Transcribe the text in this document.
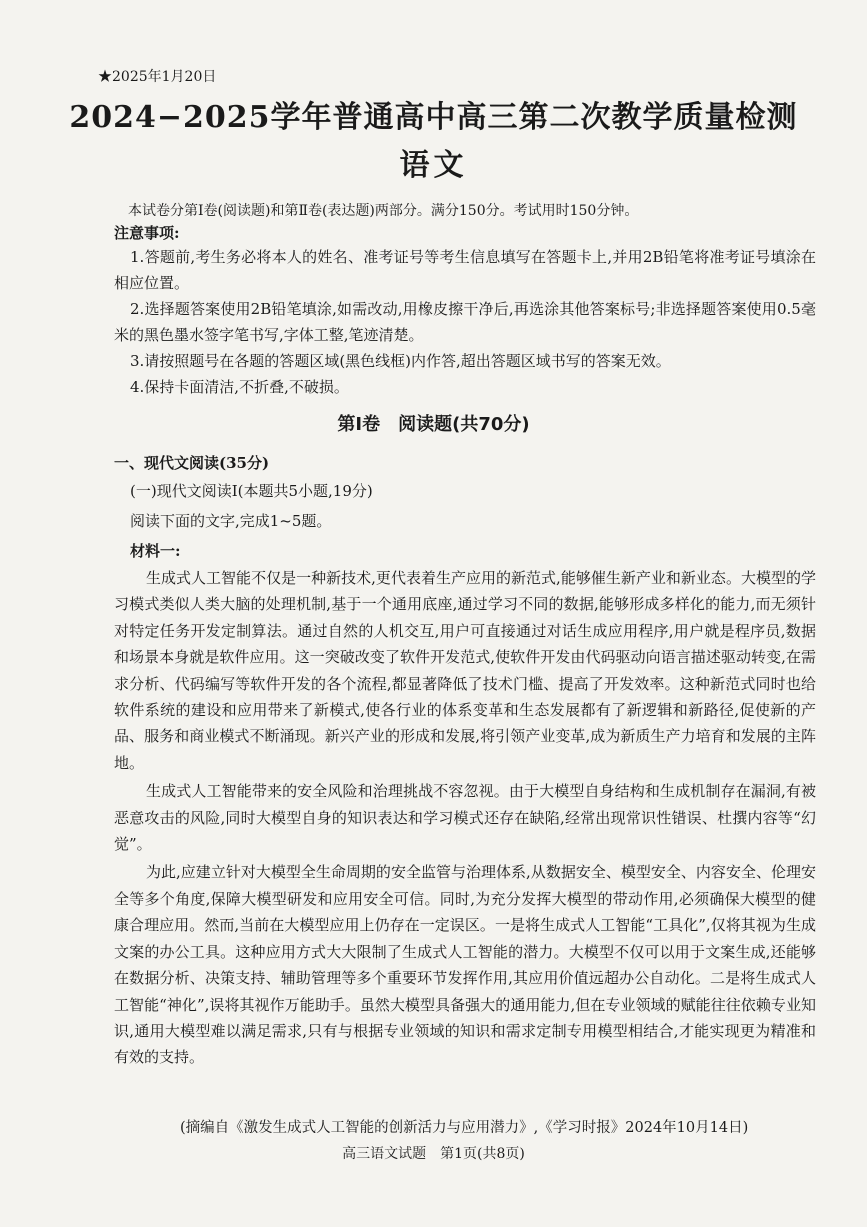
★2025年1月20日
2024−2025学年普通高中高三第二次教学质量检测
语文
本试卷分第Ⅰ卷(阅读题)和第Ⅱ卷(表达题)两部分。满分150分。考试用时150分钟。
注意事项:

1.答题前,考生务必将本人的姓名、准考证号等考生信息填写在答题卡上,并用2B铅笔将准考证号填涂在相应位置。

2.选择题答案使用2B铅笔填涂,如需改动,用橡皮擦干净后,再选涂其他答案标号;非选择题答案使用0.5毫米的黑色墨水签字笔书写,字体工整,笔迹清楚。

3.请按照题号在各题的答题区域(黑色线框)内作答,超出答题区域书写的答案无效。

4.保持卡面清洁,不折叠,不破损。

第Ⅰ卷　阅读题(共70分)
一、现代文阅读(35分)
(一)现代文阅读Ⅰ(本题共5小题,19分)
阅读下面的文字,完成1~5题。
材料一:

生成式人工智能不仅是一种新技术,更代表着生产应用的新范式,能够催生新产业和新业态。大模型的学习模式类似人类大脑的处理机制,基于一个通用底座,通过学习不同的数据,能够形成多样化的能力,而无须针对特定任务开发定制算法。通过自然的人机交互,用户可直接通过对话生成应用程序,用户就是程序员,数据和场景本身就是软件应用。这一突破改变了软件开发范式,使软件开发由代码驱动向语言描述驱动转变,在需求分析、代码编写等软件开发的各个流程,都显著降低了技术门槛、提高了开发效率。这种新范式同时也给软件系统的建设和应用带来了新模式,使各行业的体系变革和生态发展都有了新逻辑和新路径,促使新的产品、服务和商业模式不断涌现。新兴产业的形成和发展,将引领产业变革,成为新质生产力培育和发展的主阵地。

生成式人工智能带来的安全风险和治理挑战不容忽视。由于大模型自身结构和生成机制存在漏洞,有被恶意攻击的风险,同时大模型自身的知识表达和学习模式还存在缺陷,经常出现常识性错误、杜撰内容等“幻觉”。

为此,应建立针对大模型全生命周期的安全监管与治理体系,从数据安全、模型安全、内容安全、伦理安全等多个角度,保障大模型研发和应用安全可信。同时,为充分发挥大模型的带动作用,必须确保大模型的健康合理应用。然而,当前在大模型应用上仍存在一定误区。一是将生成式人工智能“工具化”,仅将其视为生成文案的办公工具。这种应用方式大大限制了生成式人工智能的潜力。大模型不仅可以用于文案生成,还能够在数据分析、决策支持、辅助管理等多个重要环节发挥作用,其应用价值远超办公自动化。二是将生成式人工智能“神化”,误将其视作万能助手。虽然大模型具备强大的通用能力,但在专业领域的赋能往往依赖专业知识,通用大模型难以满足需求,只有与根据专业领域的知识和需求定制专用模型相结合,才能实现更为精准和有效的支持。

(摘编自《激发生成式人工智能的创新活力与应用潜力》,《学习时报》2024年10月14日)
高三语文试题　第1页(共8页)
